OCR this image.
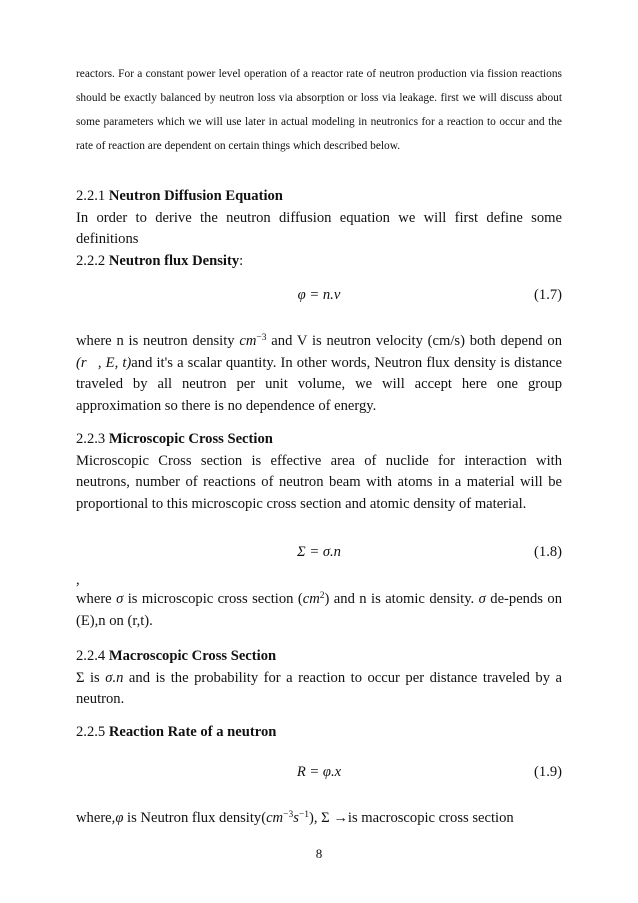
reactors. For a constant power level operation of a reactor rate of neutron production via fission reactions should be exactly balanced by neutron loss via absorption or loss via leakage. first we will discuss about some parameters which we will use later in actual modeling in neutronics for a reaction to occur and the rate of reaction are dependent on certain things which described below.

2.2.1 Neutron Diffusion Equation
In order to derive the neutron diffusion equation we will first define some definitions
2.2.2 Neutron flux Density:
φ = n.v	(1.7)
where n is neutron density $cm^{-3}$ and V is neutron velocity (cm/s) both depend on (r⃗, E, t)and it's a scalar quantity. In other words, Neutron flux density is distance traveled by all neutron per unit volume, we will accept here one group approximation so there is no dependence of energy.
2.2.3 Microscopic Cross Section
Microscopic Cross section is effective area of nuclide for interaction with neutrons, number of reactions of neutron beam with atoms in a material will be proportional to this microscopic cross section and atomic density of material.
Σ = σ.n	(1.8)
,
where σ is microscopic cross section $(cm^2)$ and n is atomic density. σ de-pends on (E),n on (r,t).
2.2.4 Macroscopic Cross Section
Σ is σ.n and is the probability for a reaction to occur per distance traveled by a neutron.
2.2.5 Reaction Rate of a neutron
R = φ.x	(1.9)
where,φ is Neutron flux $density(cm^{-3}s^{-1})$, Σ →is macroscopic cross section
8
